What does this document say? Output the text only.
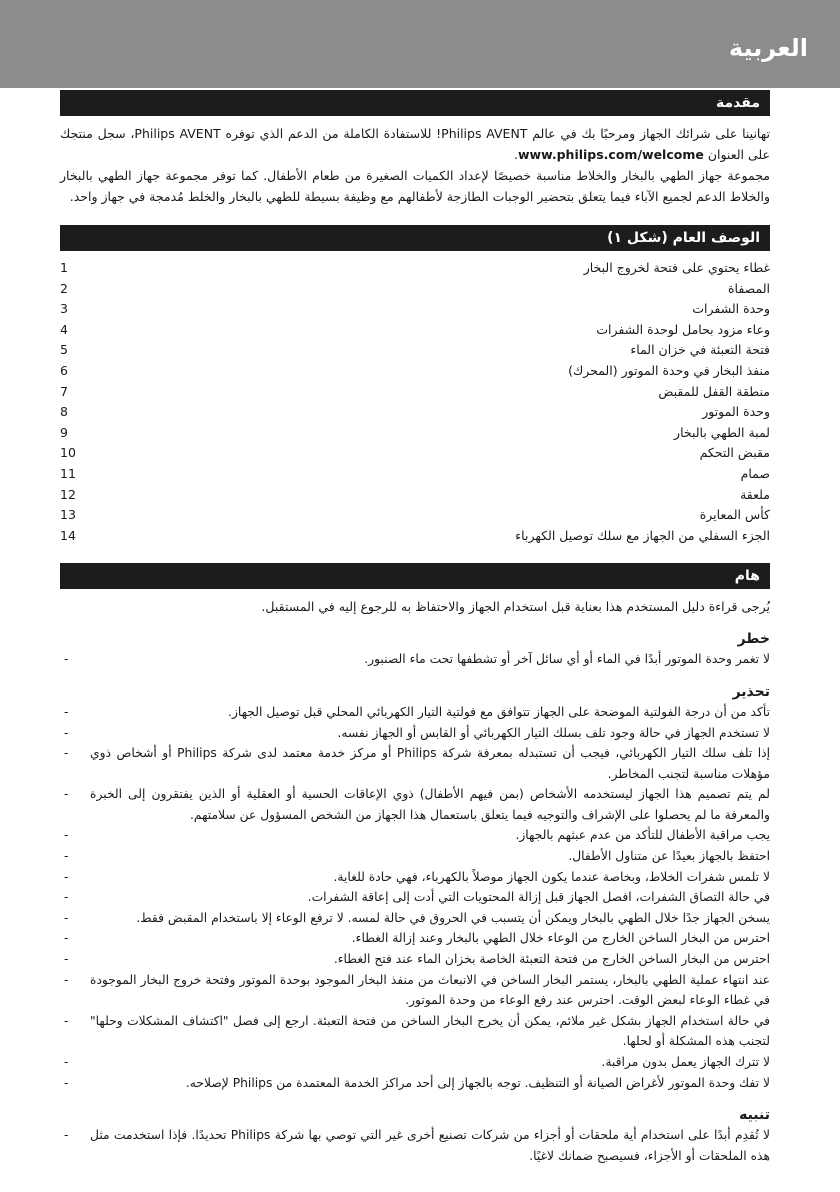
العربية
مقدمة

تهانينا على شرائك الجهاز ومرحبًا بك في عالم Philips AVENT! للاستفادة الكاملة من الدعم الذي توفره Philips AVENT، سجل منتجك على العنوان www.philips.com/welcome.

مجموعة جهاز الطهي بالبخار والخلاط مناسبة خصيصًا لإعداد الكميات الصغيرة من طعام الأطفال. كما توفر مجموعة جهاز الطهي بالبخار والخلاط الدعم لجميع الآباء فيما يتعلق بتحضير الوجبات الطازجة لأطفالهم مع وظيفة بسيطة للطهي بالبخار والخلط مُدمجة في جهاز واحد.

الوصف العام (شكل ١)
غطاء يحتوي على فتحة لخروج البخار
1
المصفاة
2
وحدة الشفرات
3
وعاء مزود بحامل لوحدة الشفرات
4
فتحة التعبئة في خزان الماء
5
منفذ البخار في وحدة الموتور (المحرك)
6
منطقة القفل للمقبض
7
وحدة الموتور
8
لمبة الطهي بالبخار
9
مقبض التحكم
10
صمام
11
ملعقة
12
كأس المعايرة
13
الجزء السفلي من الجهاز مع سلك توصيل الكهرباء
14
هام

يُرجى قراءة دليل المستخدم هذا بعناية قبل استخدام الجهاز والاحتفاظ به للرجوع إليه في المستقبل.

خطر
لا تغمر وحدة الموتور أبدًا في الماء أو أي سائل آخر أو تشطفها تحت ماء الصنبور. -
تحذير
تأكد من أن درجة الفولتية الموضحة على الجهاز تتوافق مع فولتية التيار الكهربائي المحلي قبل توصيل الجهاز. -
لا تستخدم الجهاز في حالة وجود تلف بسلك التيار الكهربائي أو القابس أو الجهاز نفسه. -
إذا تلف سلك التيار الكهربائي، فيجب أن تستبدله بمعرفة شركة Philips أو مركز خدمة معتمد لدى شركة Philips أو أشخاص ذوي مؤهلات مناسبة لتجنب المخاطر. -
لم يتم تصميم هذا الجهاز ليستخدمه الأشخاص (بمن فيهم الأطفال) ذوي الإعاقات الحسية أو العقلية أو الذين يفتقرون إلى الخبرة والمعرفة ما لم يحصلوا على الإشراف والتوجيه فيما يتعلق باستعمال هذا الجهاز من الشخص المسؤول عن سلامتهم. -
يجب مراقبة الأطفال للتأكد من عدم عبثهم بالجهاز. -
احتفظ بالجهاز بعيدًا عن متناول الأطفال. -
لا تلمس شفرات الخلاط، وبخاصة عندما يكون الجهاز موصلاً بالكهرباء، فهي حادة للغاية. -
في حالة التصاق الشفرات، افصل الجهاز قبل إزالة المحتويات التي أدت إلى إعاقة الشفرات. -
يسخن الجهاز جدًا خلال الطهي بالبخار ويمكن أن يتسبب في الحروق في حالة لمسه. لا ترفع الوعاء إلا باستخدام المقبض فقط. -
احترس من البخار الساخن الخارج من الوعاء خلال الطهي بالبخار وعند إزالة الغطاء. -
احترس من البخار الساخن الخارج من فتحة التعبئة الخاصة بخزان الماء عند فتح الغطاء. -
عند انتهاء عملية الطهي بالبخار، يستمر البخار الساخن في الانبعاث من منفذ البخار الموجود بوحدة الموتور وفتحة خروج البخار الموجودة في غطاء الوعاء لبعض الوقت. احترس عند رفع الوعاء من وحدة الموتور. -
في حالة استخدام الجهاز بشكل غير ملائم، يمكن أن يخرج البخار الساخن من فتحة التعبئة. ارجع إلى فصل "اكتشاف المشكلات وحلها" لتجنب هذه المشكلة أو لحلها. -
لا تترك الجهاز يعمل بدون مراقبة. -
لا تفك وحدة الموتور لأغراض الصيانة أو التنظيف. توجه بالجهاز إلى أحد مراكز الخدمة المعتمدة من Philips لإصلاحه. -
تنبيه
لا تُقدِم أبدًا على استخدام أية ملحقات أو أجزاء من شركات تصنيع أخرى غير التي توصي بها شركة Philips تحديدًا. فإذا استخدمت مثل هذه الملحقات أو الأجزاء، فسيصبح ضمانك لاغيًا. -
